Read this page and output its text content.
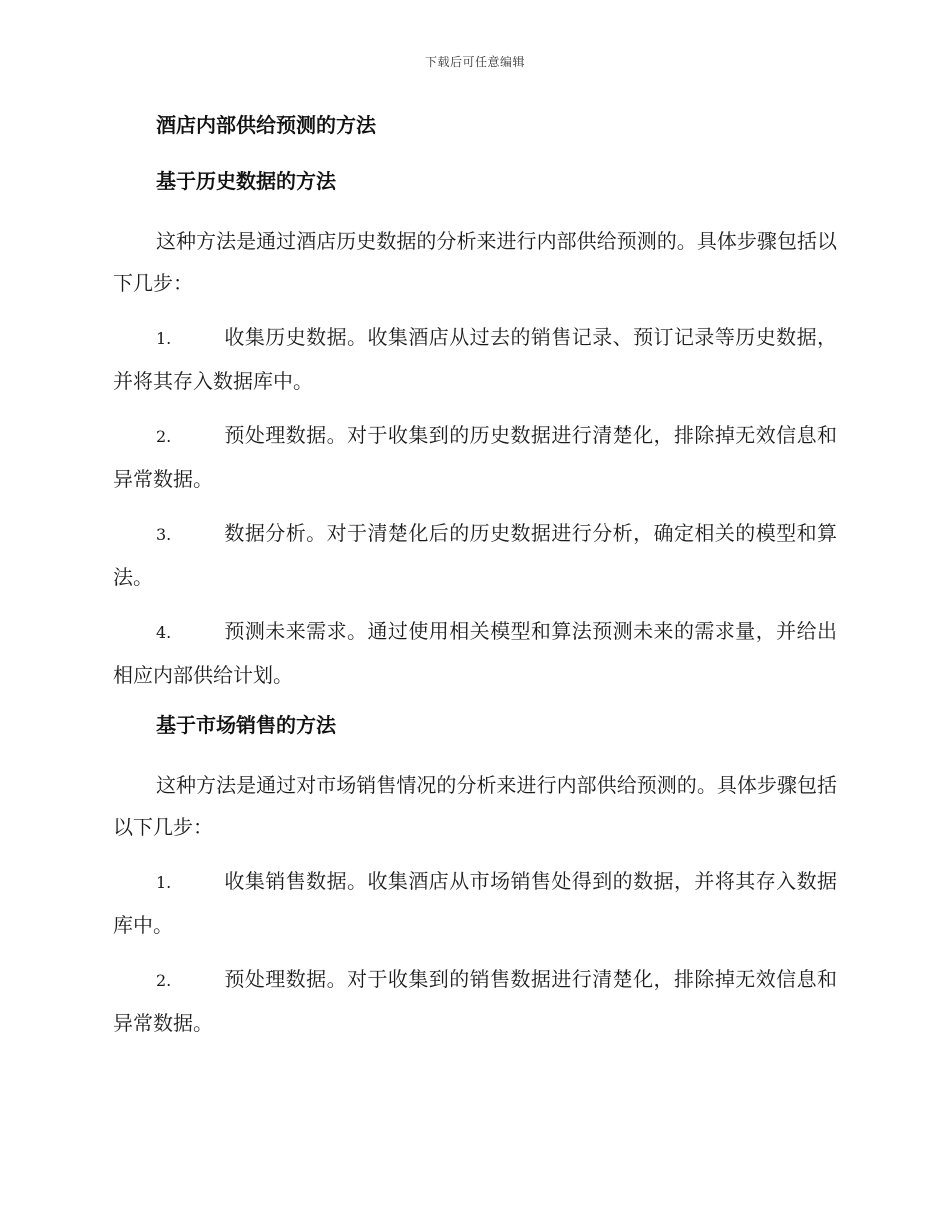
下载后可任意编辑
酒店内部供给预测的方法
基于历史数据的方法

这种方法是通过酒店历史数据的分析来进行内部供给预测的。具体步骤包括以下几步：

1.	收集历史数据。收集酒店从过去的销售记录、预订记录等历史数据，并将其存入数据库中。

2.	预处理数据。对于收集到的历史数据进行清楚化，排除掉无效信息和异常数据。

3.	数据分析。对于清楚化后的历史数据进行分析，确定相关的模型和算法。

4.	预测未来需求。通过使用相关模型和算法预测未来的需求量，并给出相应内部供给计划。

基于市场销售的方法

这种方法是通过对市场销售情况的分析来进行内部供给预测的。具体步骤包括以下几步：

1.	收集销售数据。收集酒店从市场销售处得到的数据，并将其存入数据库中。

2.	预处理数据。对于收集到的销售数据进行清楚化，排除掉无效信息和异常数据。
